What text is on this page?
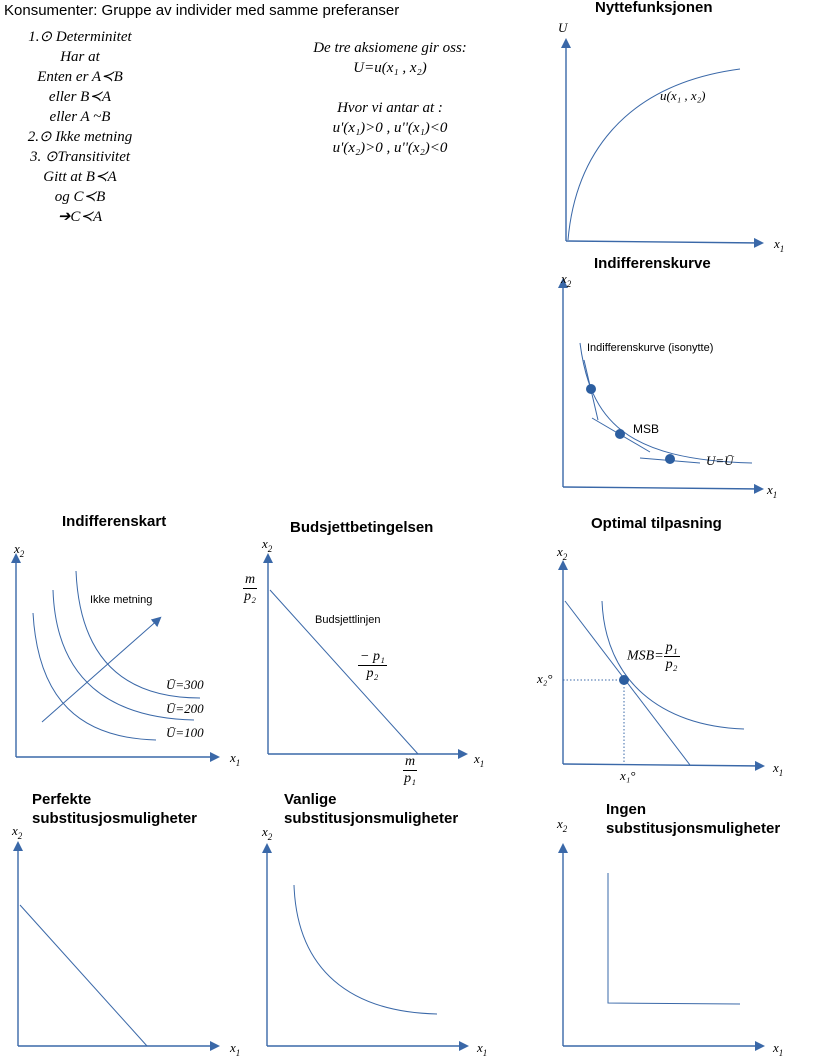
Konsumenter: Gruppe av individer med samme preferanser
1.⊙ Determinitet
Har at
Enten er A≺B
eller B≺A
eller A ~B
2.⊙ Ikke metning
3. ⊙Transitivitet
Gitt at B≺A
og C≺B
➔C≺A
De tre aksiomene gir oss:
U=u(x₁ , x₂)
Hvor vi antar at :
u'(x₁)>0 , u''(x₁)<0
u'(x₂)>0 , u''(x₂)<0
Nyttefunksjonen
Indifferenskurve
Indifferenskart	Budsjettbetingelsen	Optimal tilpasning
Perfekte
substitusjosmuligheter
Vanlige
substitusjonsmuligheter
Ingen
substitusjonsmuligheter
$\frac{m}{\text{p₂}}$
$\frac{\text{− p₁}}{\text{p₂}}$
$\frac{m}{\text{p₁}}$
$MSB= \frac{\text{p₁}}{\text{p₂}}$
U
$x_1$
u(x₁ , x₂)
$x_2$
$x_1$
Indifferenskurve (isonytte)
MSB
U=Ū
$x_2$
$x_1$
Ikke metning
Ū=300
Ū=200
Ū=100
$x_2$
$x_1$
Budsjettlinjen
$x_2$
$x_1$
x₂°
x₁°
$x_2$
$x_1$
$x_2$
$x_1$
$x_2$
$x_1$
